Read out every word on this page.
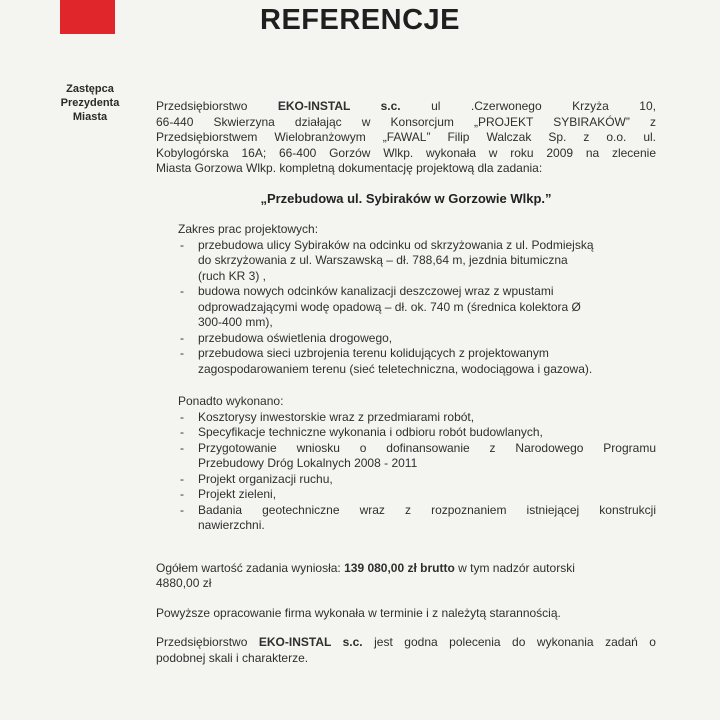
REFERENCJE
Zastępca
Prezydenta
Miasta
Przedsiębiorstwo EKO-INSTAL s.c. ul .Czerwonego Krzyża 10,
66-440 Skwierzyna działając w Konsorcjum „PROJEKT SYBIRAKÓW” z
Przedsiębiorstwem Wielobranżowym „FAWAL” Filip Walczak Sp. z o.o. ul.
Kobylogórska 16A; 66-400 Gorzów Wlkp. wykonała w roku 2009 na zlecenie
Miasta Gorzowa Wlkp. kompletną dokumentację projektową dla zadania:
„Przebudowa ul. Sybiraków w Gorzowie Wlkp.”
Zakres prac projektowych:
- przebudowa ulicy Sybiraków na odcinku od skrzyżowania z ul. Podmiejską
do skrzyżowania z ul. Warszawską – dł. 788,64 m, jezdnia bitumiczna
(ruch KR 3) ,
- budowa nowych odcinków kanalizacji deszczowej wraz z wpustami
odprowadzającymi wodę opadową – dł. ok. 740 m (średnica kolektora Ø
300-400 mm),
- przebudowa oświetlenia drogowego,
- przebudowa sieci uzbrojenia terenu kolidujących z projektowanym
zagospodarowaniem terenu (sieć teletechniczna, wodociągowa i gazowa).
Ponadto wykonano:
- Kosztorysy inwestorskie wraz z przedmiarami robót,
- Specyfikacje techniczne wykonania i odbioru robót budowlanych,
- Przygotowanie wniosku o dofinansowanie z Narodowego Programu
Przebudowy Dróg Lokalnych 2008 - 2011
- Projekt organizacji ruchu,
- Projekt zieleni,
- Badania geotechniczne wraz z rozpoznaniem istniejącej konstrukcji
nawierzchni.
Ogółem wartość zadania wyniosła: 139 080,00 zł brutto w tym nadzór autorski
4880,00 zł
Powyższe opracowanie firma wykonała w terminie i z należytą starannością.
Przedsiębiorstwo EKO-INSTAL s.c. jest godna polecenia do wykonania zadań o
podobnej skali i charakterze.
